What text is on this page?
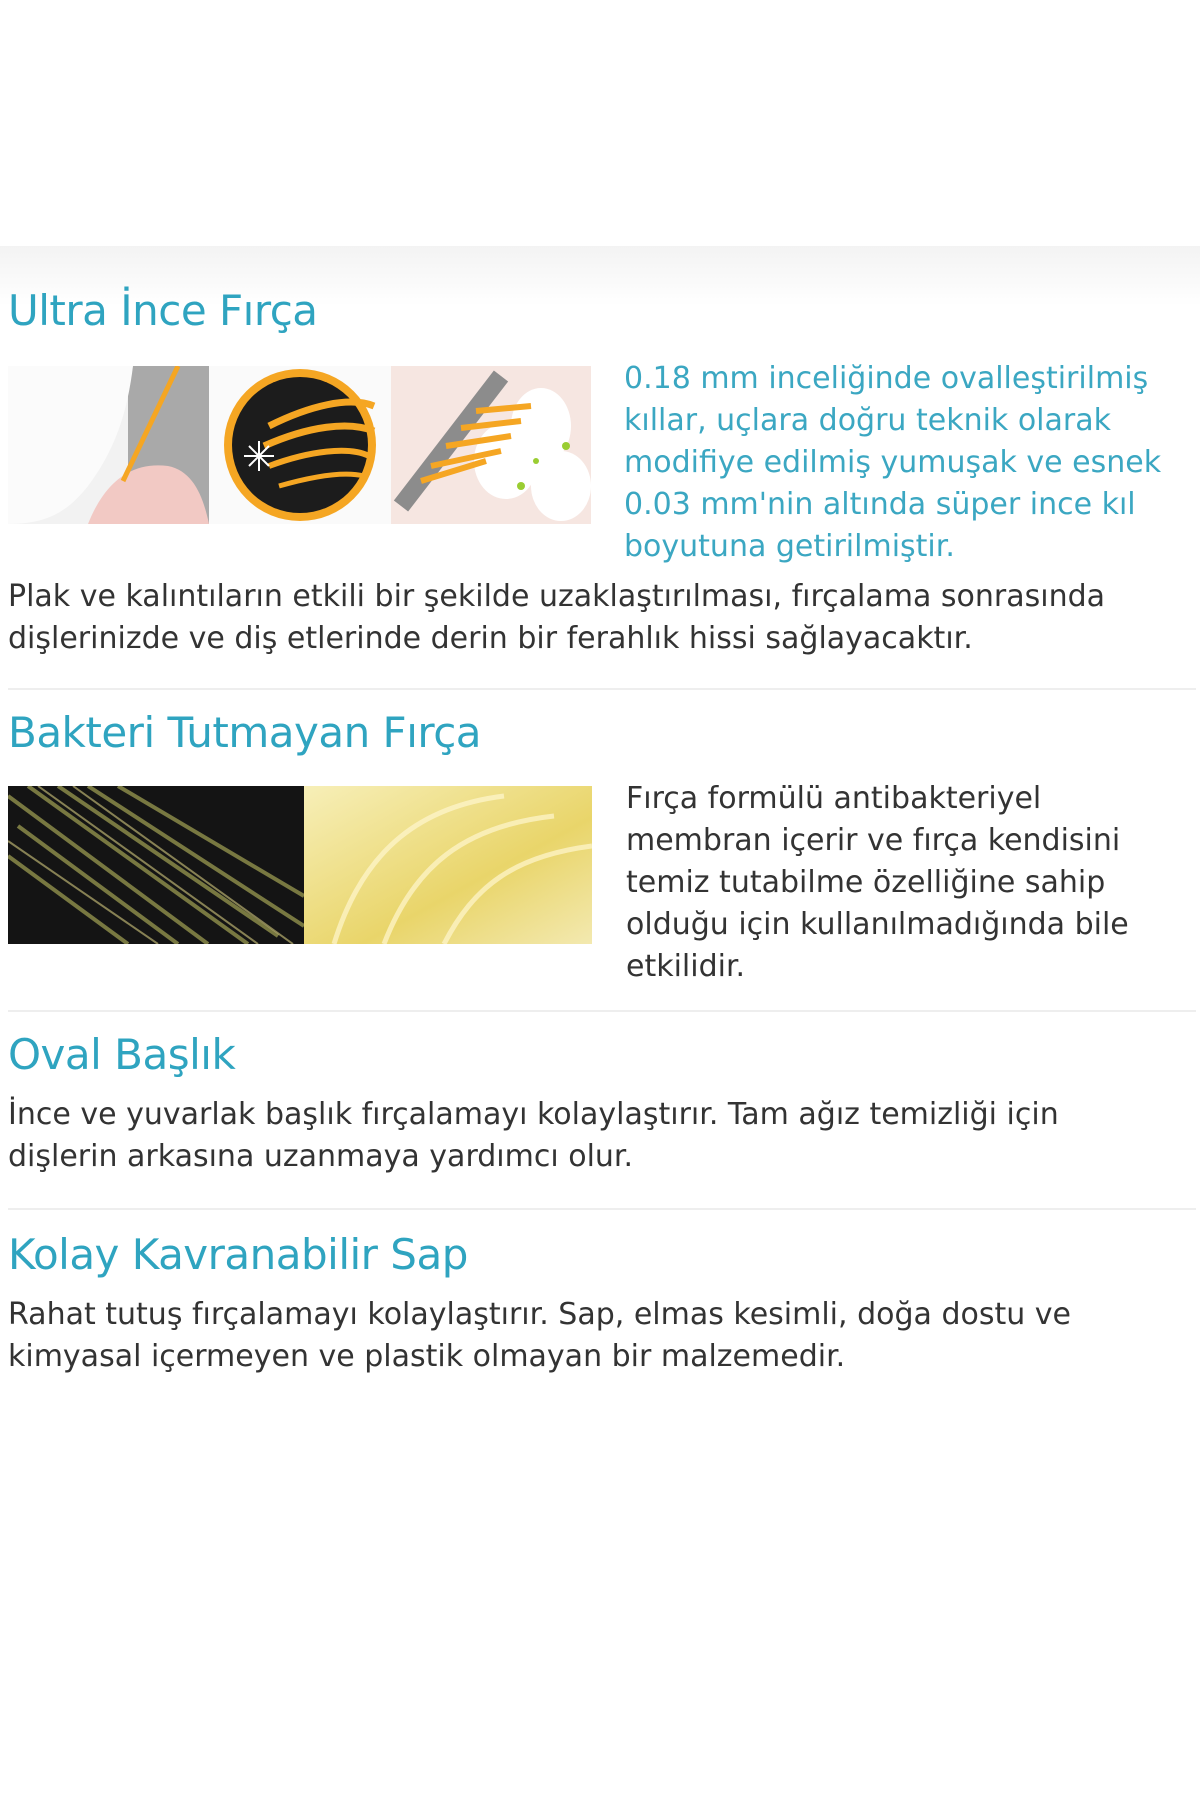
Ultra İnce Fırça

0.18 mm inceliğinde ovalleştirilmiş
kıllar, uçlara doğru teknik olarak
modifiye edilmiş yumuşak ve esnek
0.03 mm'nin altında süper ince kıl
boyutuna getirilmiştir.

Plak ve kalıntıların etkili bir şekilde uzaklaştırılması, fırçalama sonrasında
dişlerinizde ve diş etlerinde derin bir ferahlık hissi sağlayacaktır.

Bakteri Tutmayan Fırça

Fırça formülü antibakteriyel
membran içerir ve fırça kendisini
temiz tutabilme özelliğine sahip
olduğu için kullanılmadığında bile
etkilidir.

Oval Başlık

İnce ve yuvarlak başlık fırçalamayı kolaylaştırır. Tam ağız temizliği için
dişlerin arkasına uzanmaya yardımcı olur.

Kolay Kavranabilir Sap

Rahat tutuş fırçalamayı kolaylaştırır. Sap, elmas kesimli, doğa dostu ve
kimyasal içermeyen ve plastik olmayan bir malzemedir.
